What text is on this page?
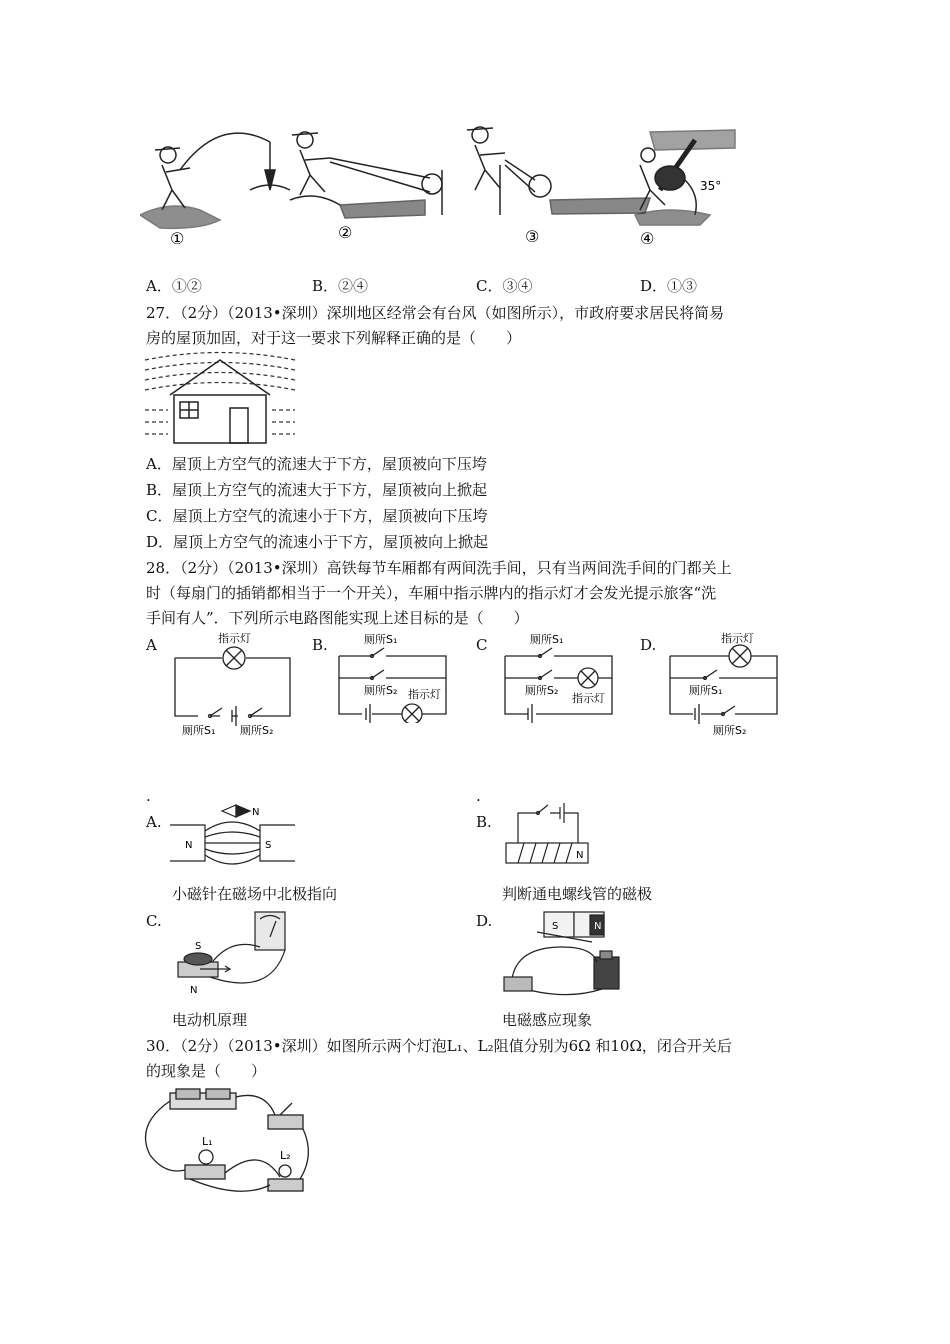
①	②	③
35°
④
A．①②	B．②④	C．③④	D．①③
27．（2分）（2013•深圳）深圳地区经常会有台风（如图所示），市政府要求居民将简易
房的屋顶加固，对于这一要求下列解释正确的是（　　）
A．屋顶上方空气的流速大于下方，屋顶被向下压垮
B．屋顶上方空气的流速大于下方，屋顶被向上掀起
C．屋顶上方空气的流速小于下方，屋顶被向下压垮
D．屋顶上方空气的流速小于下方，屋顶被向上掀起
28．（2分）（2013•深圳）高铁每节车厢都有两间洗手间，只有当两间洗手间的门都关上
时（每扇门的插销都相当于一个开关），车厢中指示牌内的指示灯才会发光提示旅客“洗
手间有人”．下列所示电路图能实现上述目标的是（　　）
A	B.	C	D.
指示灯
厕所S₁ 厕所S₂
厕所S₁
厕所S₂ 指示灯
厕所S₁
厕所S₂
指示灯
指示灯
厕所S₁
厕所S₂
.	.
A.	B.
N
N	S
N
小磁针在磁场中北极指向	判断通电螺线管的磁极
C.	D.
S
N
S	N
电动机原理	电磁感应现象
30．（2分）（2013•深圳）如图所示两个灯泡L₁、L₂阻值分别为6Ω 和10Ω，闭合开关后
的现象是（　　）
L₁
L₂
